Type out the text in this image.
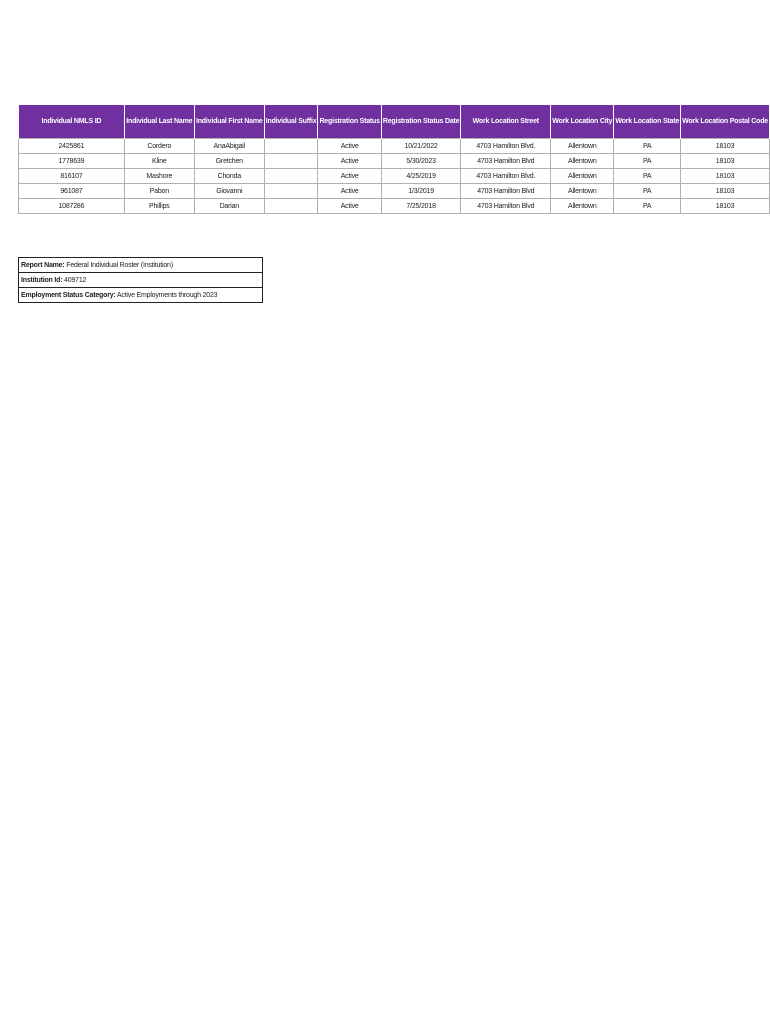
Individual NMLS ID	Individual Last Name	Individual First Name	Individual Suffix	Registration Status	Registration Status Date	Work Location Street	Work Location City	Work Location State	Work Location Postal Code
2425861	Cordero	AnaAbigail		Active	10/21/2022	4703 Hamilton Blvd.	Allentown	PA	18103
1778639	Kline	Gretchen		Active	5/30/2023	4703 Hamilton Blvd	Allentown	PA	18103
816107	Mashore	Chonda		Active	4/25/2019	4703 Hamilton Blvd.	Allentown	PA	18103
961087	Pabon	Giovanni		Active	1/3/2019	4703 Hamilton Blvd	Allentown	PA	18103
1087286	Phillips	Darian		Active	7/25/2018	4703 Hamilton Blvd	Allentown	PA	18103
Report Name: Federal Individual Roster (Institution)
Institution Id: 409712
Employment Status Category: Active Employments through 2023
